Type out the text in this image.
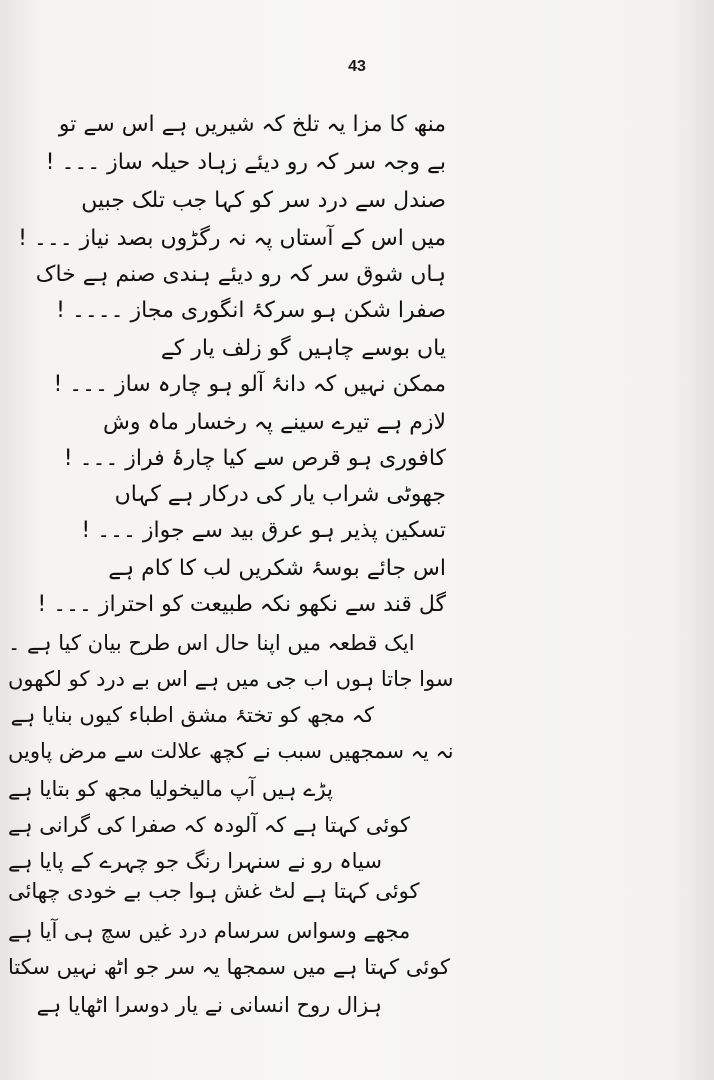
43
منھ کا مزا یہ تلخ کہ شیریں ہے اس سے تو
بے وجہ سر کہ رو دیئے زہاد حیلہ ساز ۔۔۔ !
صندل سے درد سر کو کہا جب تلک جبیں
میں اس کے آستاں پہ نہ رگڑوں بصد نیاز ۔۔۔ !
ہاں شوق سر کہ رو دیئے ہندی صنم ہے خاک
صفرا شکن ہو سرکۂ انگوری مجاز ۔۔۔۔ !
یاں بوسے چاہیں گو زلف یار کے
ممکن نہیں کہ دانۂ آلو ہو چارہ ساز ۔۔۔ !
لازم ہے تیرے سینے پہ رخسار ماہ وش
کافوری ہو قرص سے کیا چارۂ فراز ۔۔۔ !
جھوٹی شراب یار کی درکار ہے کہاں
تسکین پذیر ہو عرق بید سے جواز ۔۔۔ !
اس جائے بوسۂ شکریں لب کا کام ہے
گل قند سے نکھو نکہ طبیعت کو احتراز ۔۔۔ !
ایک قطعہ میں اپنا حال اس طرح بیان کیا ہے ۔
سوا جاتا ہوں اب جی میں ہے اس بے درد کو لکھوں
کہ مجھ کو تختۂ مشق اطباء کیوں بنایا ہے
نہ یہ سمجھیں سبب نے کچھ علالت سے مرض پاویں
پڑے ہیں آپ مالیخولیا مجھ کو بتایا ہے
کوئی کہتا ہے کہ آلودہ کہ صفرا کی گرانی ہے
سیاہ رو نے سنہرا رنگ جو چہرے کے پایا ہے
کوئی کہتا ہے لٹ غش ہوا جب بے خودی چھائی
مجھے وسواس سرسام درد غیں سچ ہی آیا ہے
کوئی کہتا ہے میں سمجھا یہ سر جو اٹھ نہیں سکتا
ہزال روح انسانی نے یار دوسرا اٹھایا ہے
